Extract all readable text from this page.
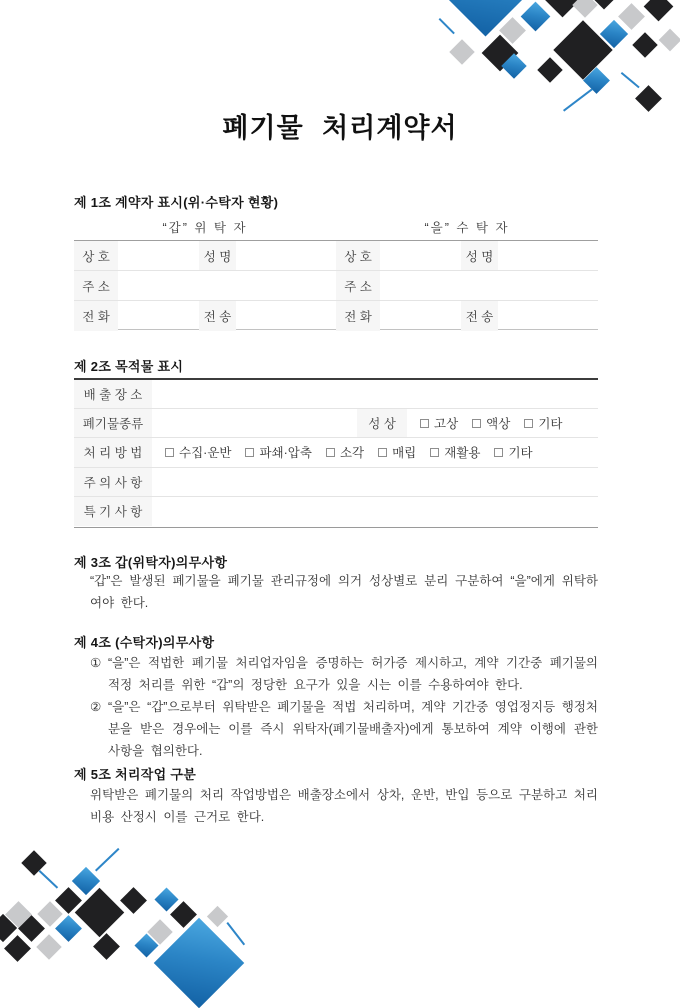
폐기물 처리계약서
제 1조 계약자 표시(위·수탁자 현황)
“갑” 위 탁 자	“을” 수 탁 자
상 호	성 명	상 호	성 명
주 소	주 소
전 화	전 송	전 화	전 송
제 2조 목적물 표시
배 출 장 소
폐기물종류	성 상	고상 액상 기타
처 리 방 법	수집·운반 파쇄·압축 소각 매립 재활용 기타
주 의 사 항
특 기 사 항
제 3조 갑(위탁자)의무사항
“갑”은 발생된 폐기물을 폐기물 관리규정에 의거 성상별로 분리 구분하여 “을”에게 위탁하여야 한다.
제 4조 (수탁자)의무사항
① “을”은 적법한 폐기물 처리업자임을 증명하는 허가증 제시하고, 계약 기간중 폐기물의 적정 처리를 위한 “갑”의 정당한 요구가 있을 시는 이를 수용하여야 한다.
② “을”은 “갑”으로부터 위탁받은 폐기물을 적법 처리하며, 계약 기간중 영업정지등 행정처분을 받은 경우에는 이를 즉시 위탁자(폐기물배출자)에게 통보하여 계약 이행에 관한 사항을 협의한다.
제 5조 처리작업 구분
위탁받은 폐기물의 처리 작업방법은 배출장소에서 상차, 운반, 반입 등으로 구분하고 처리비용 산정시 이를 근거로 한다.
